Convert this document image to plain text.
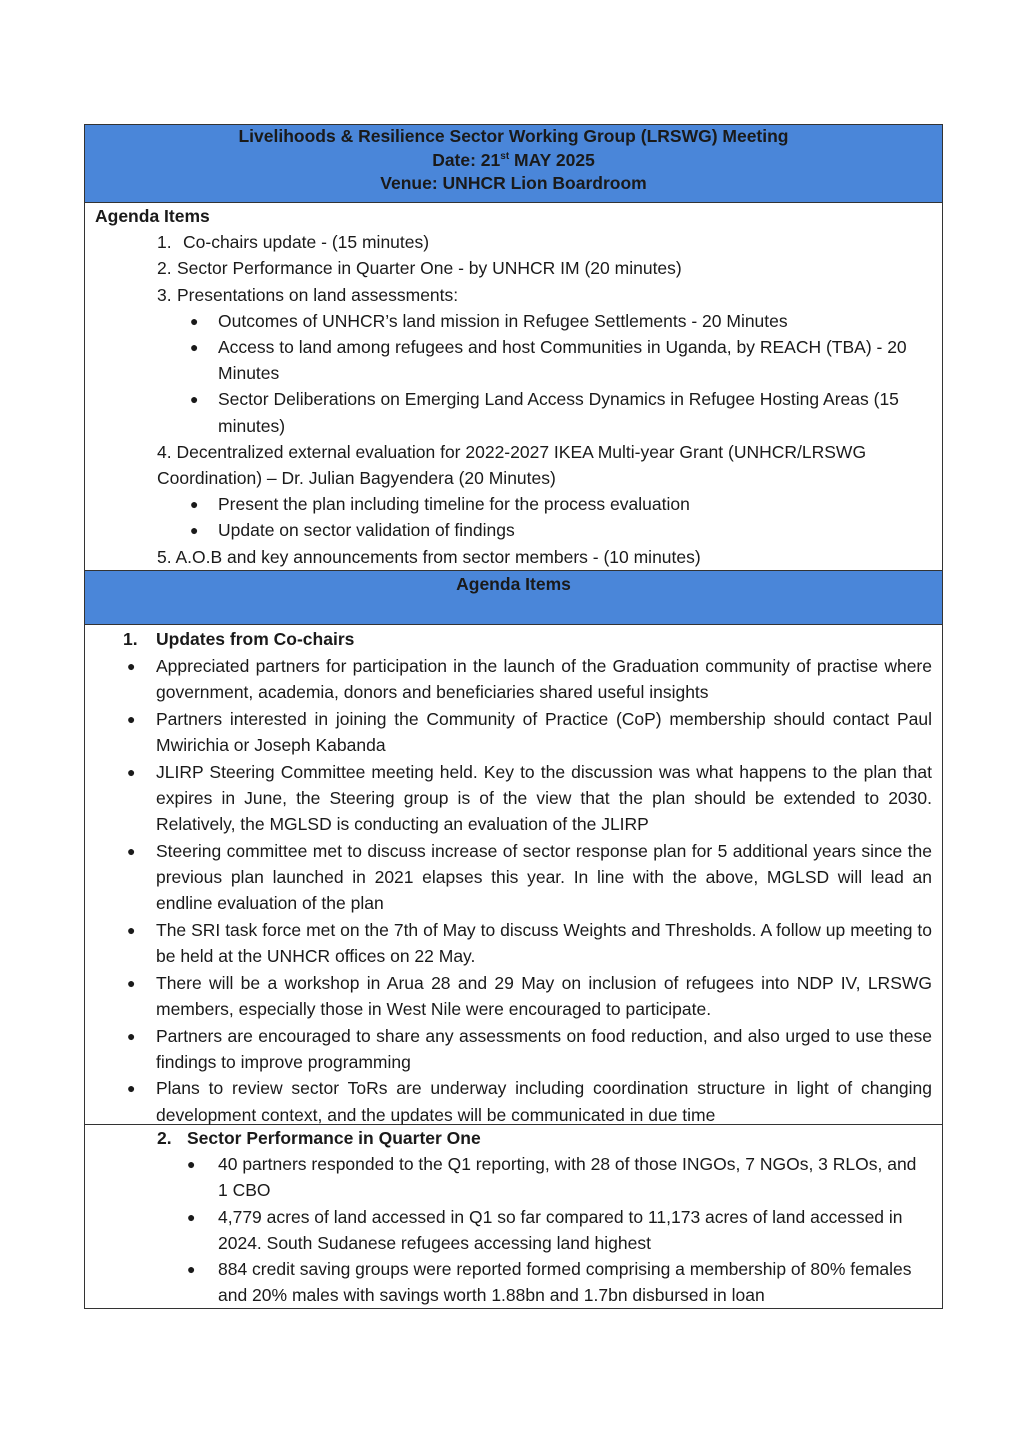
Livelihoods & Resilience Sector Working Group (LRSWG) Meeting
Date: 21st MAY 2025
Venue: UNHCR Lion Boardroom
Agenda Items
1. Co-chairs update - (15 minutes)
2. Sector Performance in Quarter One - by UNHCR IM (20 minutes)
3. Presentations on land assessments:
●	Outcomes of UNHCR’s land mission in Refugee Settlements - 20 Minutes
●	Access to land among refugees and host Communities in Uganda, by REACH (TBA) - 20 Minutes
●	Sector Deliberations on Emerging Land Access Dynamics in Refugee Hosting Areas (15 minutes)
4. Decentralized external evaluation for 2022-2027 IKEA Multi-year Grant (UNHCR/LRSWG Coordination) – Dr. Julian Bagyendera (20 Minutes)
●	Present the plan including timeline for the process evaluation
●	Update on sector validation of findings
5. A.O.B and key announcements from sector members - (10 minutes)
Agenda Items
1.	Updates from Co-chairs
●	Appreciated partners for participation in the launch of the Graduation community of practise where government, academia, donors and beneficiaries shared useful insights
●	Partners interested in joining the Community of Practice (CoP) membership should contact Paul Mwirichia or Joseph Kabanda
●	JLIRP Steering Committee meeting held. Key to the discussion was what happens to the plan that expires in June, the Steering group is of the view that the plan should be extended to 2030. Relatively, the MGLSD is conducting an evaluation of the JLIRP
●	Steering committee met to discuss increase of sector response plan for 5 additional years since the previous plan launched in 2021 elapses this year. In line with the above, MGLSD will lead an endline evaluation of the plan
●	The SRI task force met on the 7th of May to discuss Weights and Thresholds. A follow up meeting to be held at the UNHCR offices on 22 May.
●	There will be a workshop in Arua 28 and 29 May on inclusion of refugees into NDP IV, LRSWG members, especially those in West Nile were encouraged to participate.
●	Partners are encouraged to share any assessments on food reduction, and also urged to use these findings to improve programming
●	Plans to review sector ToRs are underway including coordination structure in light of changing development context, and the updates will be communicated in due time
2. Sector Performance in Quarter One
●	40 partners responded to the Q1 reporting, with 28 of those INGOs, 7 NGOs, 3 RLOs, and 1 CBO
●	4,779 acres of land accessed in Q1 so far compared to 11,173 acres of land accessed in 2024. South Sudanese refugees accessing land highest
●	884 credit saving groups were reported formed comprising a membership of 80% females and 20% males with savings worth 1.88bn and 1.7bn disbursed in loan
